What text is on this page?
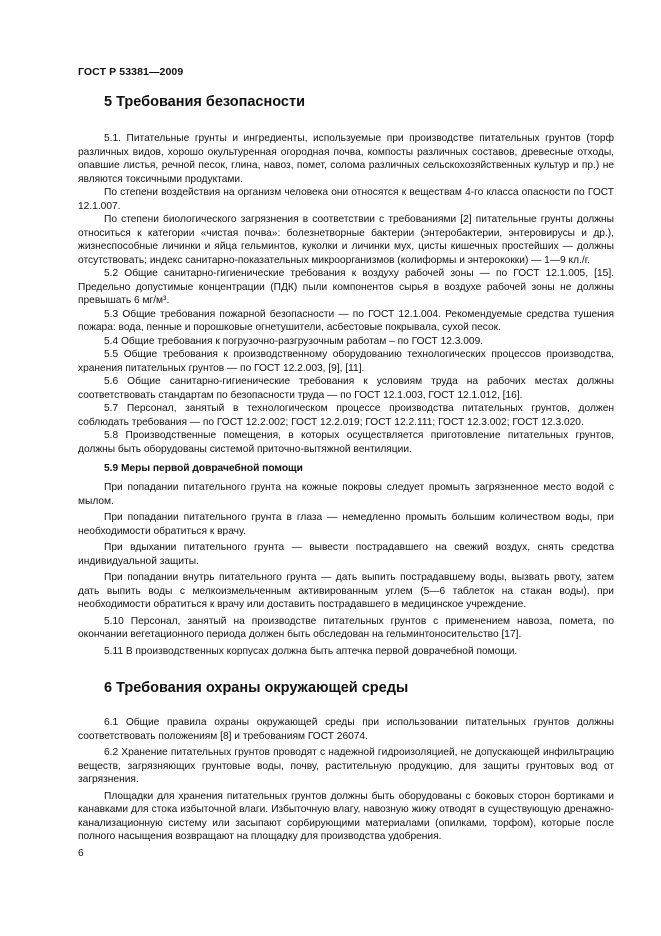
ГОСТ Р 53381—2009
5 Требования безопасности

5.1. Питательные грунты и ингредиенты, используемые при производстве питательных грунтов (торф различных видов, хорошо окультуренная огородная почва, компосты различных составов, древесные отходы, опавшие листья, речной песок, глина, навоз, помет, солома различных сельскохозяйственных культур и пр.) не являются токсичными продуктами.

По степени воздействия на организм человека они относятся к веществам 4-го класса опасности по ГОСТ 12.1.007.

По степени биологического загрязнения в соответствии с требованиями [2] питательные грунты должны относиться к категории «чистая почва»: болезнетворные бактерии (энтеробактерии, энтеровирусы и др.), жизнеспособные личинки и яйца гельминтов, куколки и личинки мух, цисты кишечных простейших — должны отсутствовать; индекс санитарно-показательных микроорганизмов (колиформы и энтерококки) — 1—9 кл./г.

5.2 Общие санитарно-гигиенические требования к воздуху рабочей зоны — по ГОСТ 12.1.005, [15]. Предельно допустимые концентрации (ПДК) пыли компонентов сырья в воздухе рабочей зоны не должны превышать 6 мг/м³.

5.3 Общие требования пожарной безопасности — по ГОСТ 12.1.004. Рекомендуемые средства тушения пожара: вода, пенные и порошковые огнетушители, асбестовые покрывала, сухой песок.

5.4 Общие требования к погрузочно-разгрузочным работам – по ГОСТ 12.3.009.

5.5 Общие требования к производственному оборудованию технологических процессов производства, хранения питательных грунтов — по ГОСТ 12.2.003, [9], [11].

5.6 Общие санитарно-гигиенические требования к условиям труда на рабочих местах должны соответствовать стандартам по безопасности труда — по ГОСТ 12.1.003, ГОСТ 12.1.012, [16].

5.7 Персонал, занятый в технологическом процессе производства питательных грунтов, должен соблюдать требования — по ГОСТ 12.2.002; ГОСТ 12.2.019; ГОСТ 12.2.111; ГОСТ 12.3.002; ГОСТ 12.3.020.

5.8 Производственные помещения, в которых осуществляется приготовление питательных грунтов, должны быть оборудованы системой приточно-вытяжной вентиляции.

5.9 Меры первой доврачебной помощи

При попадании питательного грунта на кожные покровы следует промыть загрязненное место водой с мылом.

При попадании питательного грунта в глаза — немедленно промыть большим количеством воды, при необходимости обратиться к врачу.

При вдыхании питательного грунта — вывести пострадавшего на свежий воздух, снять средства индивидуальной защиты.

При попадании внутрь питательного грунта — дать выпить пострадавшему воды, вызвать рвоту, затем дать выпить воды с мелкоизмельченным активированным углем (5—6 таблеток на стакан воды), при необходимости обратиться к врачу или доставить пострадавшего в медицинское учреждение.

5.10 Персонал, занятый на производстве питательных грунтов с применением навоза, помета, по окончании вегетационного периода должен быть обследован на гельминтоносительство [17].

5.11 В производственных корпусах должна быть аптечка первой доврачебной помощи.

6 Требования охраны окружающей среды

6.1 Общие правила охраны окружающей среды при использовании питательных грунтов должны соответствовать положениям [8] и требованиям ГОСТ 26074.

6.2 Хранение питательных грунтов проводят с надежной гидроизоляцией, не допускающей инфильтрацию веществ, загрязняющих грунтовые воды, почву, растительную продукцию, для защиты грунтовых вод от загрязнения.

Площадки для хранения питательных грунтов должны быть оборудованы с боковых сторон бортиками и канавками для стока избыточной влаги. Избыточную влагу, навозную жижу отводят в существующую дренажно-канализационную систему или засыпают сорбирующими материалами (опилками, торфом), которые после полного насыщения возвращают на площадку для производства удобрения.

6
